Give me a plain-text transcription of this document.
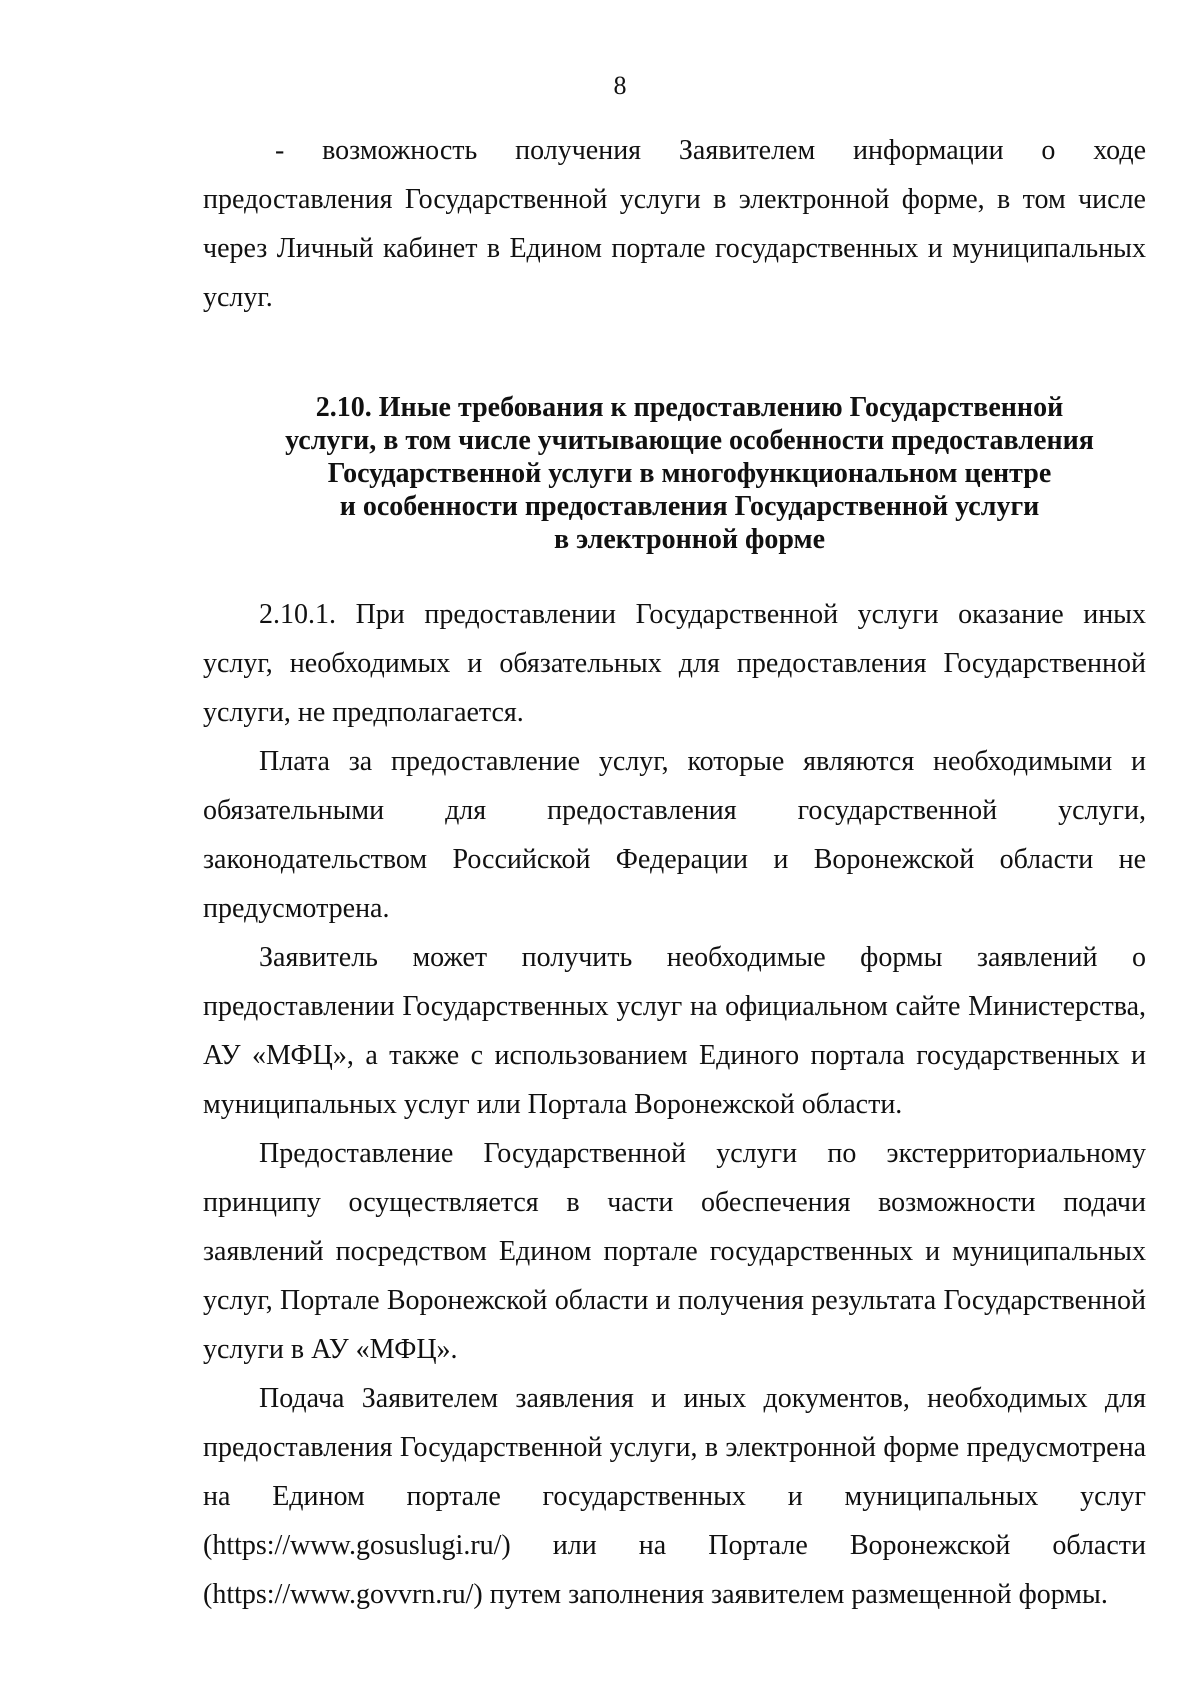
8

- возможность получения Заявителем информации о ходе предоставления Государственной услуги в электронной форме, в том числе через Личный кабинет в Едином портале государственных и муниципальных услуг.

2.10. Иные требования к предоставлению Государственной
услуги, в том числе учитывающие особенности предоставления
Государственной услуги в многофункциональном центре
и особенности предоставления Государственной услуги
в электронной форме

2.10.1. При предоставлении Государственной услуги оказание иных услуг, необходимых и обязательных для предоставления Государственной услуги, не предполагается.

Плата за предоставление услуг, которые являются необходимыми и обязательными для предоставления государственной услуги, законодательством Российской Федерации и Воронежской области не предусмотрена.

Заявитель может получить необходимые формы заявлений о предоставлении Государственных услуг на официальном сайте Министерства, АУ «МФЦ», а также с использованием Единого портала государственных и муниципальных услуг или Портала Воронежской области.

Предоставление Государственной услуги по экстерриториальному принципу осуществляется в части обеспечения возможности подачи заявлений посредством Едином портале государственных и муниципальных услуг, Портале Воронежской области и получения результата Государственной услуги в АУ «МФЦ».

Подача Заявителем заявления и иных документов, необходимых для предоставления Государственной услуги, в электронной форме предусмотрена на Едином портале государственных и муниципальных услуг (https://www.gosuslugi.ru/) или на Портале Воронежской области (https://www.govvrn.ru/) путем заполнения заявителем размещенной формы.
